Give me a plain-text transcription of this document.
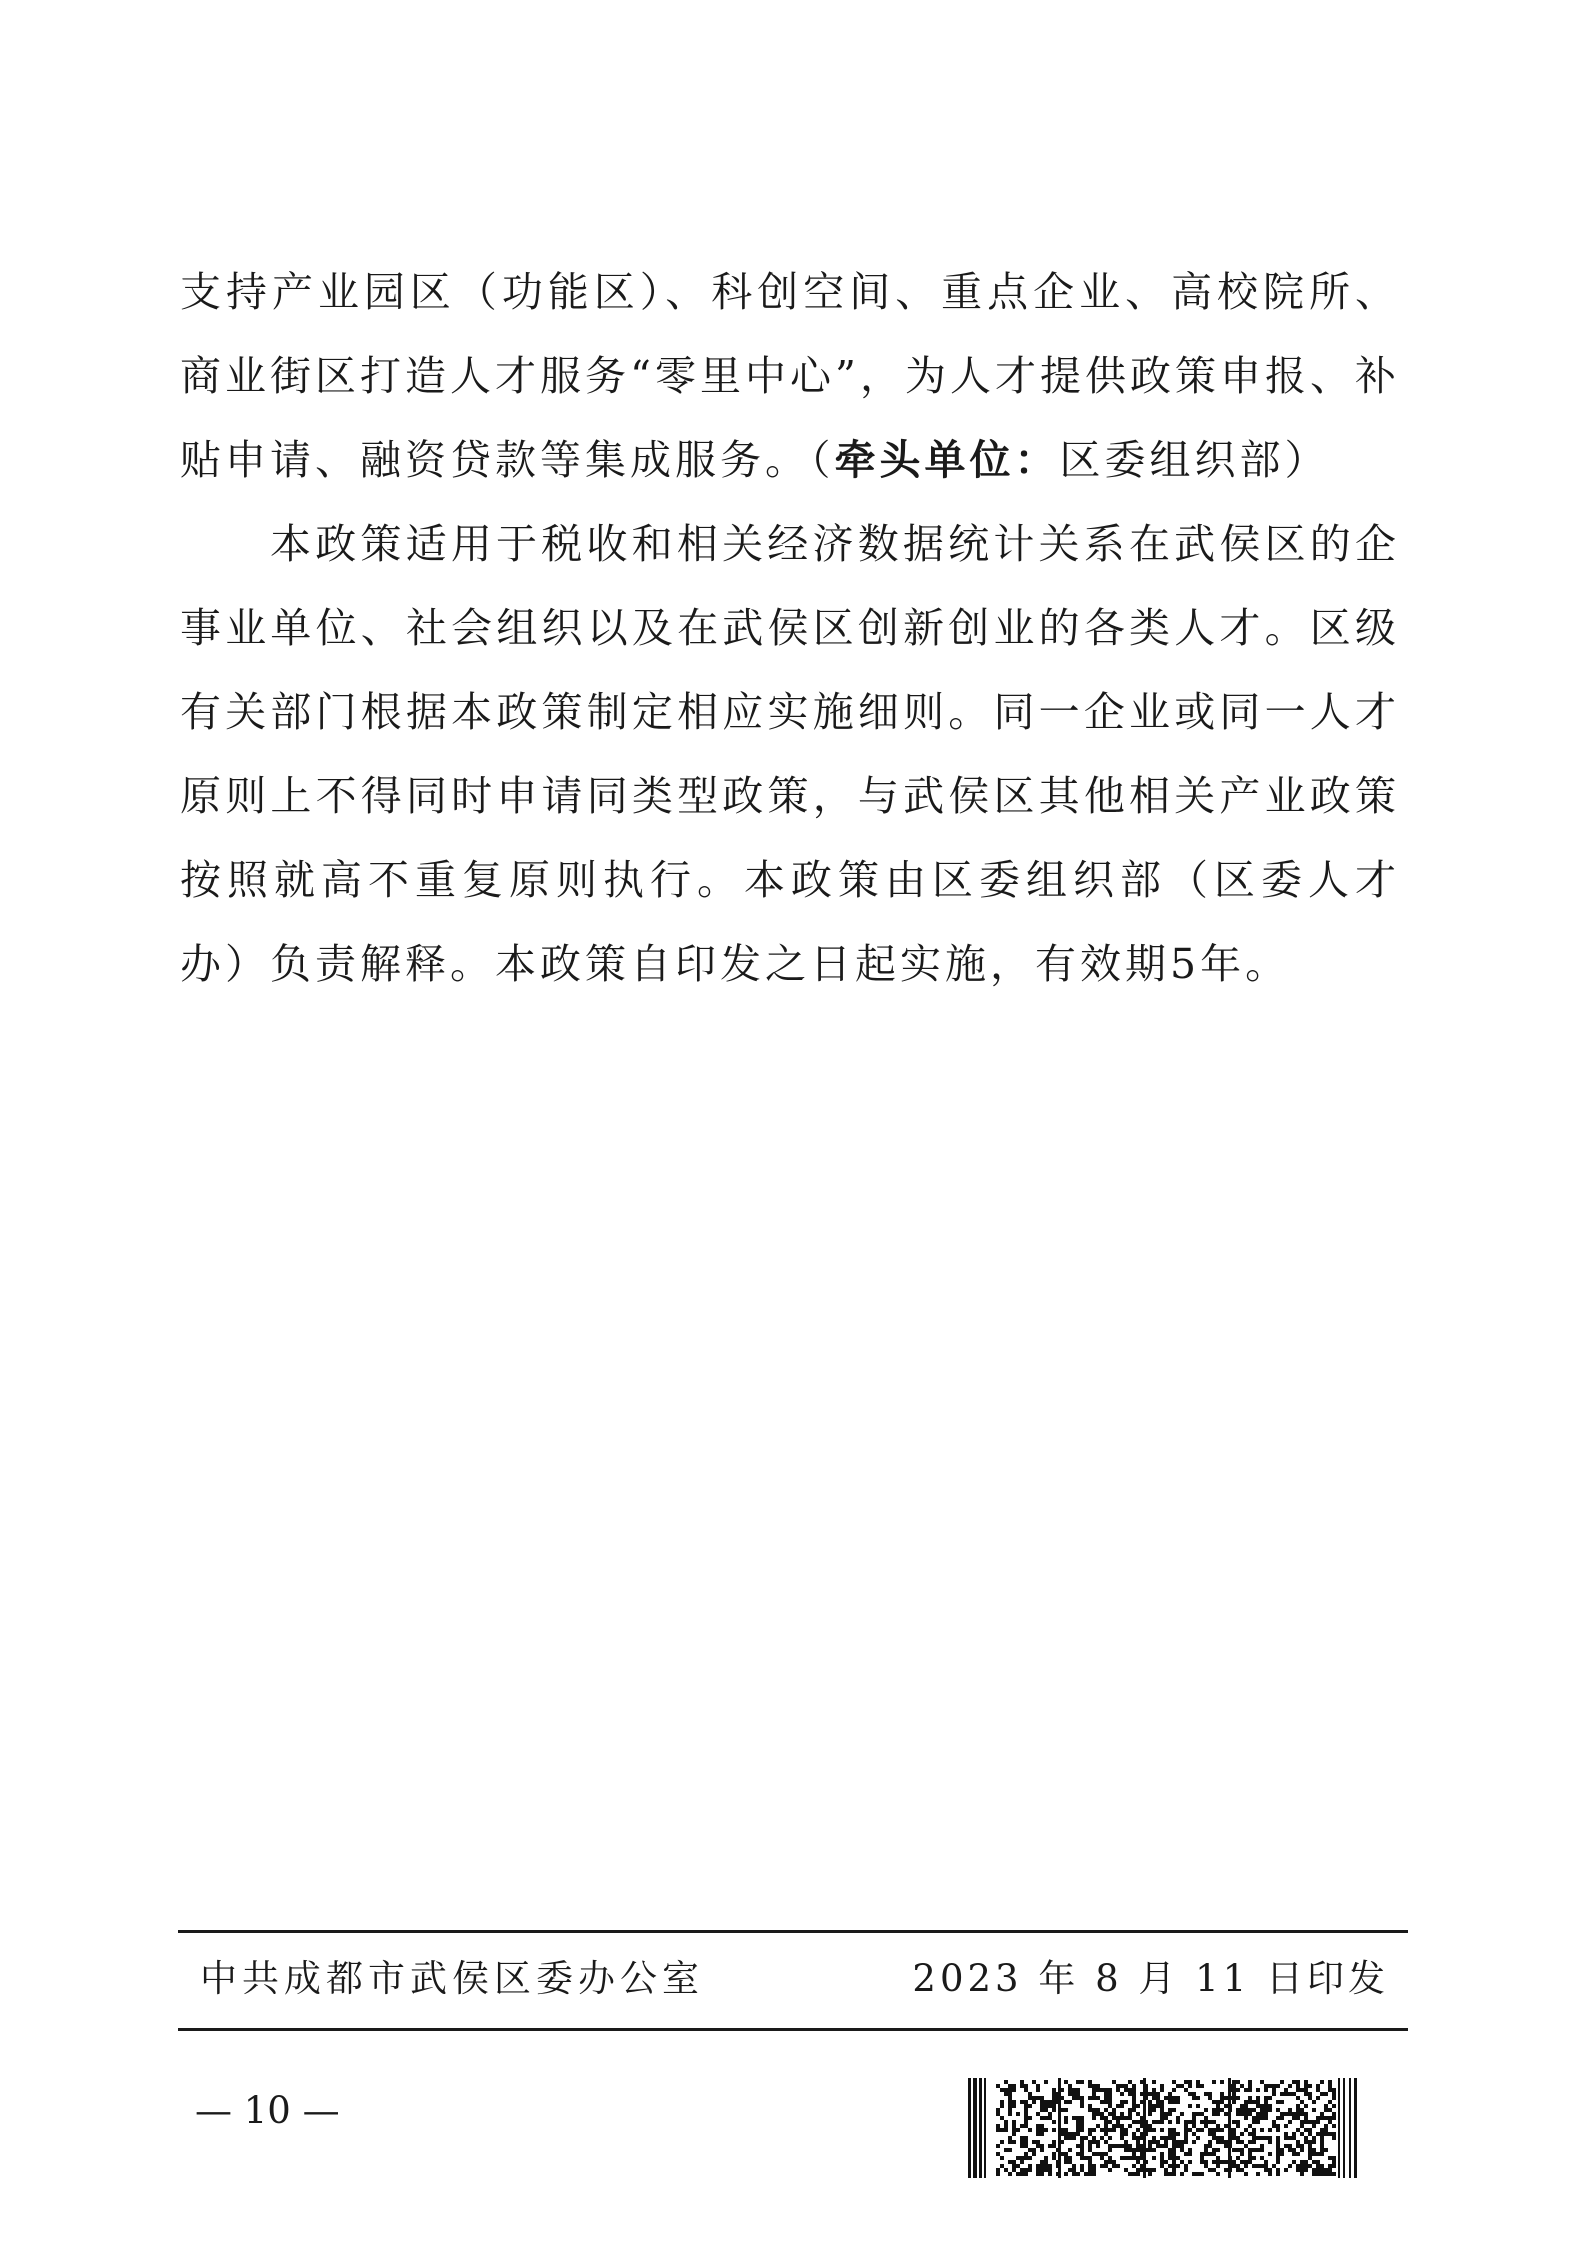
支持产业园区（功能区）、科创空间、重点企业、高校院所、商业街区打造人才服务“零里中心”，为人才提供政策申报、补贴申请、融资贷款等集成服务。（牵头单位：区委组织部）

本政策适用于税收和相关经济数据统计关系在武侯区的企事业单位、社会组织以及在武侯区创新创业的各类人才。区级有关部门根据本政策制定相应实施细则。同一企业或同一人才原则上不得同时申请同类型政策，与武侯区其他相关产业政策按照就高不重复原则执行。本政策由区委组织部（区委人才办）负责解释。本政策自印发之日起实施，有效期5年。

中共成都市武侯区委办公室	2023 年 8 月 11 日印发
— 10 —
